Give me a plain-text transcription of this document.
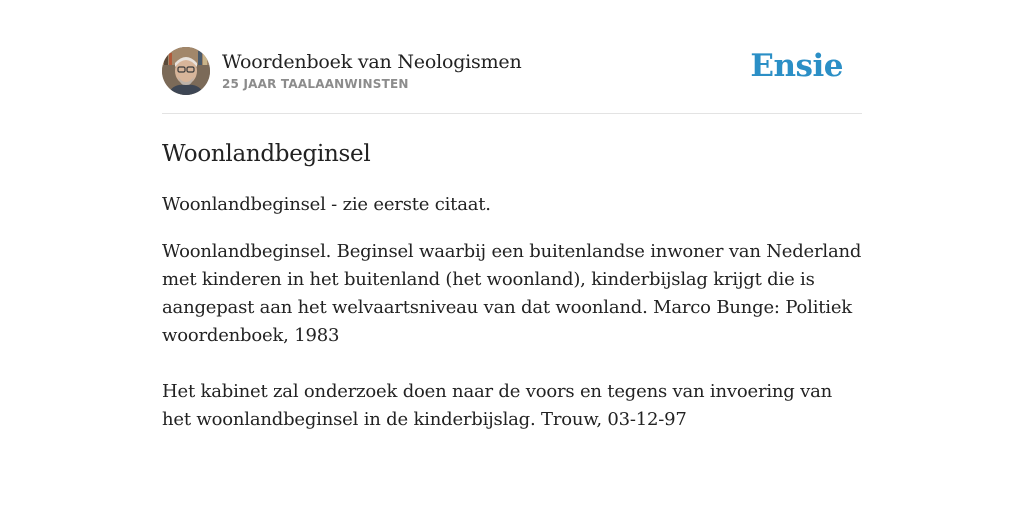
Woordenboek van Neologismen
25 JAAR TAALAANWINSTEN	Ensie
Woonlandbeginsel
Woonlandbeginsel - zie eerste citaat.
Woonlandbeginsel. Beginsel waarbij een buitenlandse inwoner van Nederland met kinderen in het buitenland (het woonland), kinderbijslag krijgt die is aangepast aan het welvaartsniveau van dat woonland. Marco Bunge: Politiek woordenboek, 1983
Het kabinet zal onderzoek doen naar de voors en tegens van invoering van het woonlandbeginsel in de kinderbijslag. Trouw, 03-12-97
